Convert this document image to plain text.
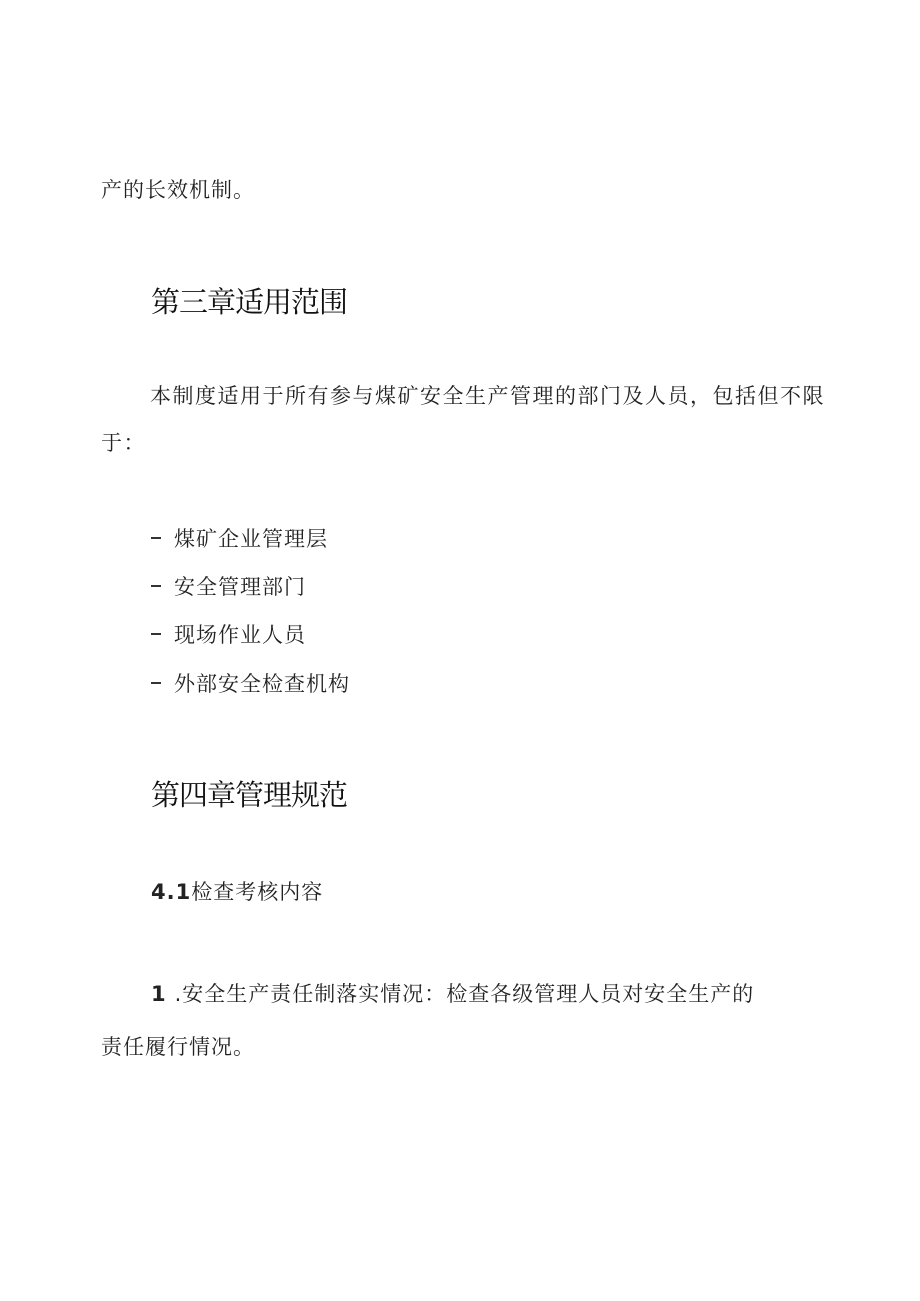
产的长效机制。
第三章适用范围
本制度适用于所有参与煤矿安全生产管理的部门及人员，包括但不限
于：
煤矿企业管理层
安全管理部门
现场作业人员
外部安全检查机构
第四章管理规范
4.1检查考核内容
1 .安全生产责任制落实情况：检查各级管理人员对安全生产的
责任履行情况。
